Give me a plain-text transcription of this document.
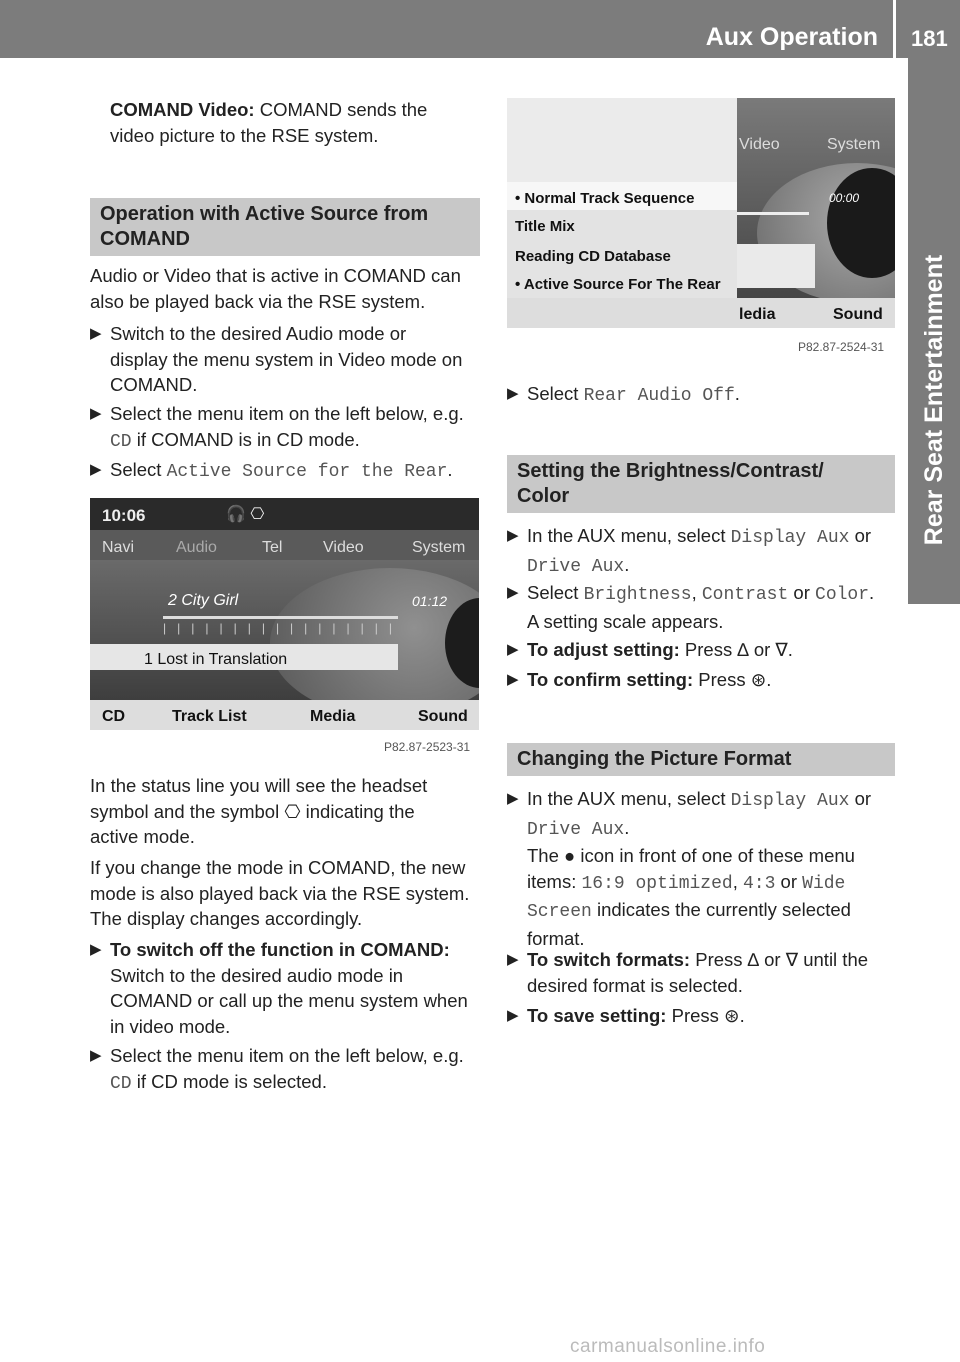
Aux Operation 181
Rear Seat Entertainment

COMAND Video: COMAND sends the

video picture to the RSE system.

Operation with Active Source from
COMAND

Audio or Video that is active in COMAND can

also be played back via the RSE system.

▶ Switch to the desired Audio mode or

display the menu system in Video mode on

COMAND.

▶ Select the menu item on the left below, e.g.

CD if COMAND is in CD mode.

▶ Select Active Source for the Rear.

10:06	🎧 ⎔
Navi	Audio	Tel	Video	System
2 City Girl	01:12
|||||||||||||||||
1 Lost in Translation
CD	Track List	Media	Sound
P82.87-2523-31

In the status line you will see the headset

symbol and the symbol ⎔ indicating the

active mode.

If you change the mode in COMAND, the new

mode is also played back via the RSE system.

The display changes accordingly.

▶ To switch off the function in COMAND:

Switch to the desired audio mode in

COMAND or call up the menu system when

in video mode.

▶ Select the menu item on the left below, e.g.

CD if CD mode is selected.

Video	System
00:00
• Normal Track Sequence
Title Mix
Reading CD Database
• Active Source For The Rear
ledia	Sound
P82.87-2524-31
▶ Select Rear Audio Off.

Setting the Brightness/Contrast/
Color
▶ In the AUX menu, select Display Aux or

Drive Aux.

▶ Select Brightness, Contrast or Color.

A setting scale appears.

▶ To adjust setting: Press ∆ or ∇.

▶ To confirm setting: Press ⊛.

Changing the Picture Format
▶ In the AUX menu, select Display Aux or

Drive Aux.

The ● icon in front of one of these menu

items: 16:9 optimized, 4:3 or Wide

Screen indicates the currently selected

format.

▶ To switch formats: Press ∆ or ∇ until the

desired format is selected.

▶ To save setting: Press ⊛.

carmanualsonline.info
